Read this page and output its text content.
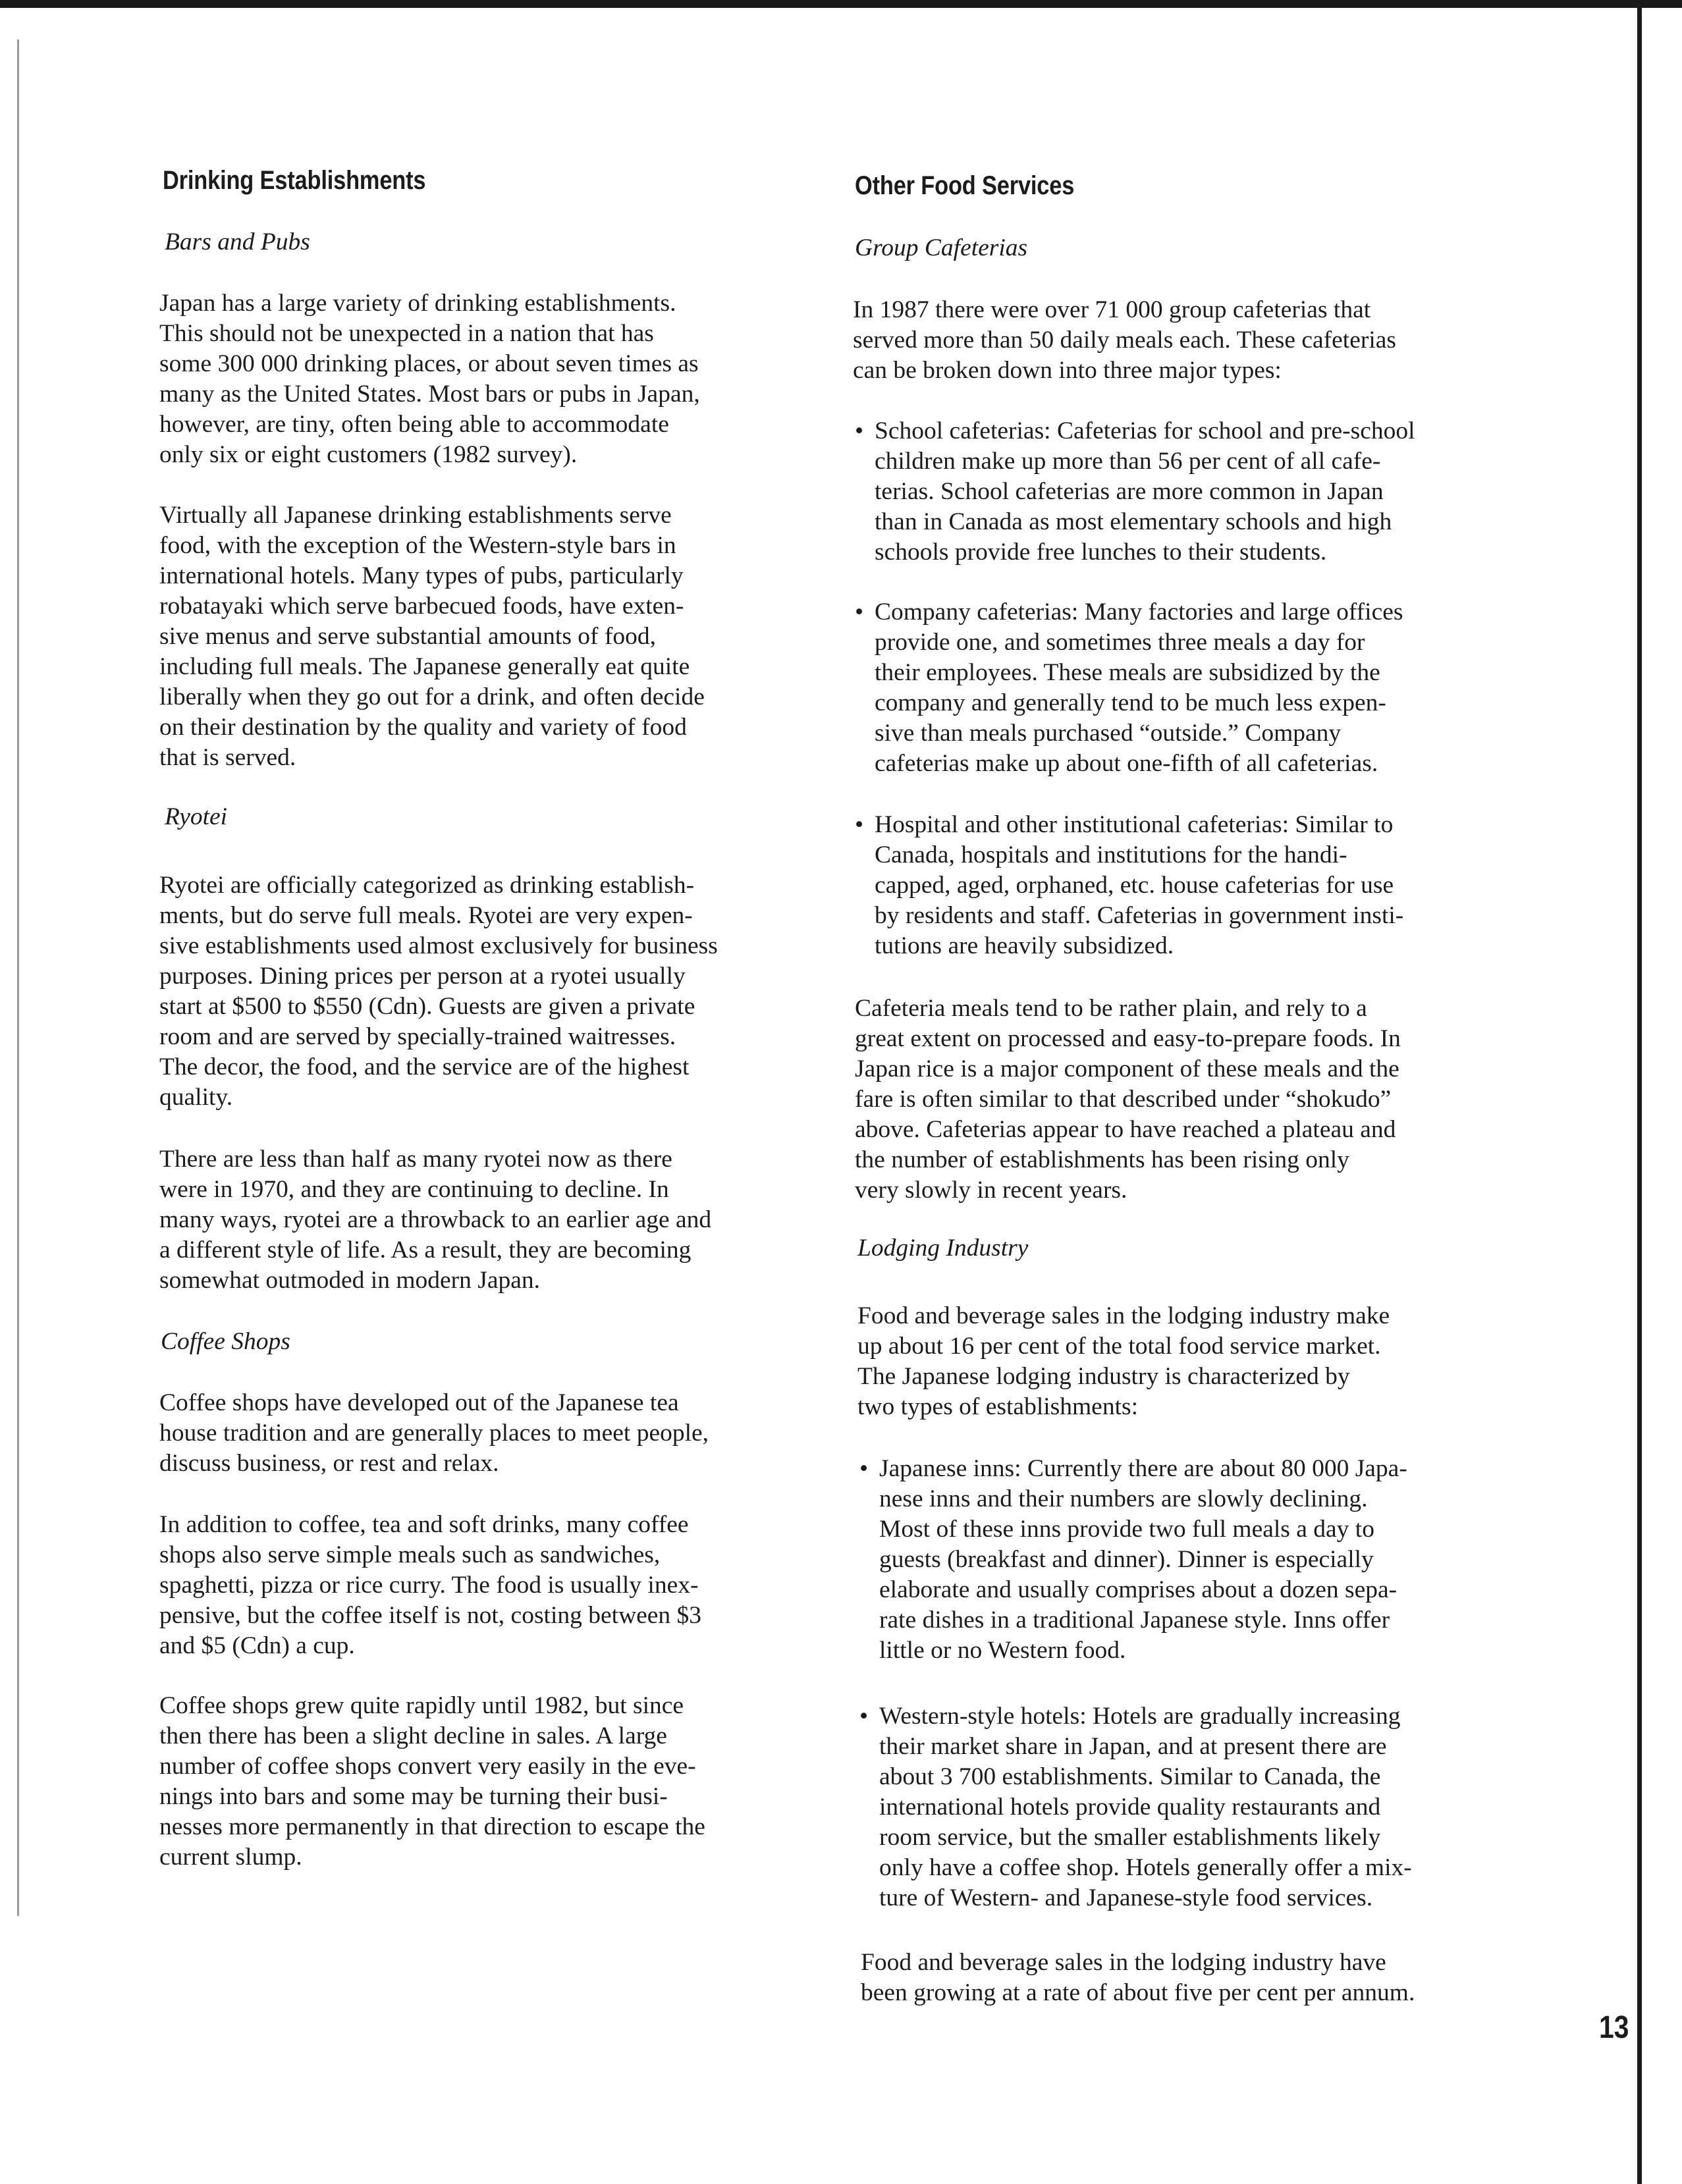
Drinking Establishments

Bars and Pubs

Japan has a large variety of drinking establishments.
This should not be unexpected in a nation that has
some 300 000 drinking places, or about seven times as
many as the United States. Most bars or pubs in Japan,
however, are tiny, often being able to accommodate
only six or eight customers (1982 survey).
Virtually all Japanese drinking establishments serve
food, with the exception of the Western-style bars in
international hotels. Many types of pubs, particularly
robatayaki which serve barbecued foods, have exten-
sive menus and serve substantial amounts of food,
including full meals. The Japanese generally eat quite
liberally when they go out for a drink, and often decide
on their destination by the quality and variety of food
that is served.

Ryotei

Ryotei are officially categorized as drinking establish-
ments, but do serve full meals. Ryotei are very expen-
sive establishments used almost exclusively for business
purposes. Dining prices per person at a ryotei usually
start at $500 to $550 (Cdn). Guests are given a private
room and are served by specially-trained waitresses.
The decor, the food, and the service are of the highest
quality.
There are less than half as many ryotei now as there
were in 1970, and they are continuing to decline. In
many ways, ryotei are a throwback to an earlier age and
a different style of life. As a result, they are becoming
somewhat outmoded in modern Japan.

Coffee Shops

Coffee shops have developed out of the Japanese tea
house tradition and are generally places to meet people,
discuss business, or rest and relax.
In addition to coffee, tea and soft drinks, many coffee
shops also serve simple meals such as sandwiches,
spaghetti, pizza or rice curry. The food is usually inex-
pensive, but the coffee itself is not, costing between $3
and $5 (Cdn) a cup.
Coffee shops grew quite rapidly until 1982, but since
then there has been a slight decline in sales. A large
number of coffee shops convert very easily in the eve-
nings into bars and some may be turning their busi-
nesses more permanently in that direction to escape the
current slump.
Other Food Services

Group Cafeterias

In 1987 there were over 71 000 group cafeterias that
served more than 50 daily meals each. These cafeterias
can be broken down into three major types:
• School cafeterias: Cafeterias for school and pre-school
children make up more than 56 per cent of all cafe-
terias. School cafeterias are more common in Japan
than in Canada as most elementary schools and high
schools provide free lunches to their students.
• Company cafeterias: Many factories and large offices
provide one, and sometimes three meals a day for
their employees. These meals are subsidized by the
company and generally tend to be much less expen-
sive than meals purchased “outside.” Company
cafeterias make up about one-fifth of all cafeterias.
• Hospital and other institutional cafeterias: Similar to
Canada, hospitals and institutions for the handi-
capped, aged, orphaned, etc. house cafeterias for use
by residents and staff. Cafeterias in government insti-
tutions are heavily subsidized.
Cafeteria meals tend to be rather plain, and rely to a
great extent on processed and easy-to-prepare foods. In
Japan rice is a major component of these meals and the
fare is often similar to that described under “shokudo”
above. Cafeterias appear to have reached a plateau and
the number of establishments has been rising only
very slowly in recent years.

Lodging Industry

Food and beverage sales in the lodging industry make
up about 16 per cent of the total food service market.
The Japanese lodging industry is characterized by
two types of establishments:
• Japanese inns: Currently there are about 80 000 Japa-
nese inns and their numbers are slowly declining.
Most of these inns provide two full meals a day to
guests (breakfast and dinner). Dinner is especially
elaborate and usually comprises about a dozen sepa-
rate dishes in a traditional Japanese style. Inns offer
little or no Western food.
• Western-style hotels: Hotels are gradually increasing
their market share in Japan, and at present there are
about 3 700 establishments. Similar to Canada, the
international hotels provide quality restaurants and
room service, but the smaller establishments likely
only have a coffee shop. Hotels generally offer a mix-
ture of Western- and Japanese-style food services.
Food and beverage sales in the lodging industry have
been growing at a rate of about five per cent per annum.
13
